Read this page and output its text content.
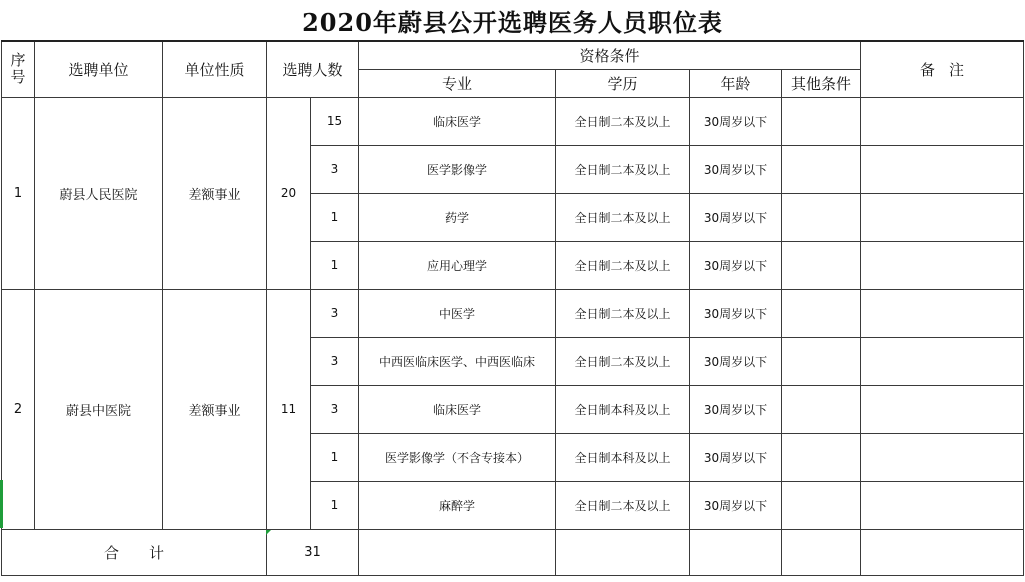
2020年蔚县公开选聘医务人员职位表
序号	选聘单位	单位性质	选聘人数		资格条件				备注
					专业	学历	年龄	其他条件	
1	蔚县人民医院	差额事业	20	15	临床医学	全日制二本及以上	30周岁以下		
				3	医学影像学	全日制二本及以上	30周岁以下		
				1	药学	全日制二本及以上	30周岁以下		
				1	应用心理学	全日制二本及以上	30周岁以下		
2	蔚县中医院	差额事业	11	3	中医学	全日制二本及以上	30周岁以下		
				3	中西医临床医学、中西医临床	全日制二本及以上	30周岁以下		
				3	临床医学	全日制本科及以上	30周岁以下		
				1	医学影像学（不含专接本）	全日制本科及以上	30周岁以下		
				1	麻醉学	全日制二本及以上	30周岁以下		
合计			31						
